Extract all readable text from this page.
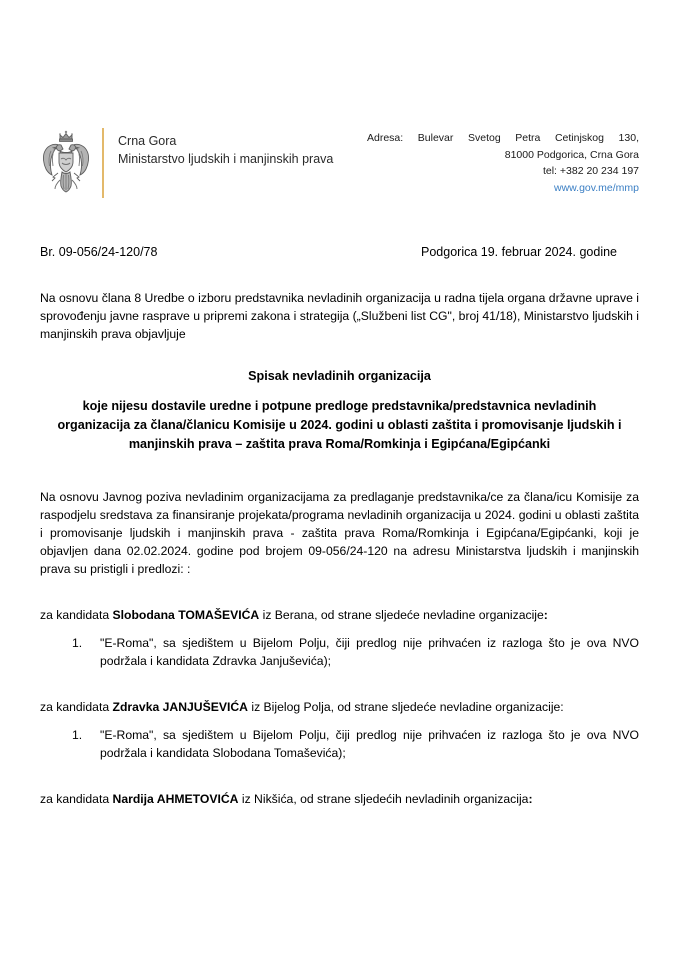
Crna Gora
Ministarstvo ljudskih i manjinskih prava
Adresa: Bulevar Svetog Petra Cetinjskog 130,
81000 Podgorica, Crna Gora
tel: +382 20 234 197
www.gov.me/mmp
Br. 09-056/24-120/78	Podgorica 19. februar 2024. godine

Na osnovu člana 8 Uredbe o izboru predstavnika nevladinih organizacija u radna tijela organa državne uprave i sprovođenju javne rasprave u pripremi zakona i strategija („Službeni list CG", broj 41/18), Ministarstvo ljudskih i manjinskih prava objavljuje

Spisak nevladinih organizacija
koje nijesu dostavile uredne i potpune predloge predstavnika/predstavnica nevladinih organizacija za člana/članicu Komisije u 2024. godini u oblasti zaštita i promovisanje ljudskih i manjinskih prava – zaštita prava Roma/Romkinja i Egipćana/Egipćanki

Na osnovu Javnog poziva nevladinim organizacijama za predlaganje predstavnika/ce za člana/icu Komisije za raspodjelu sredstava za finansiranje projekata/programa nevladinih organizacija u 2024. godini u oblasti zaštita i promovisanje ljudskih i manjinskih prava - zaštita prava Roma/Romkinja i Egipćana/Egipćanki, koji je objavljen dana 02.02.2024. godine pod brojem 09-056/24-120 na adresu Ministarstva ljudskih i manjinskih prava su pristigli i predlozi: :

za kandidata Slobodana TOMAŠEVIĆA iz Berana, od strane sljedeće nevladine organizacije:
1.	"E-Roma", sa sjedištem u Bijelom Polju, čiji predlog nije prihvaćen iz razloga što je ova NVO podržala i kandidata Zdravka Janjuševića);
za kandidata Zdravka JANJUŠEVIĆA iz Bijelog Polja, od strane sljedeće nevladine organizacije:
1.	"E-Roma", sa sjedištem u Bijelom Polju, čiji predlog nije prihvaćen iz razloga što je ova NVO podržala i kandidata Slobodana Tomaševića);
za kandidata Nardija AHMETOVIĆA iz Nikšića, od strane sljedećih nevladinih organizacija:
